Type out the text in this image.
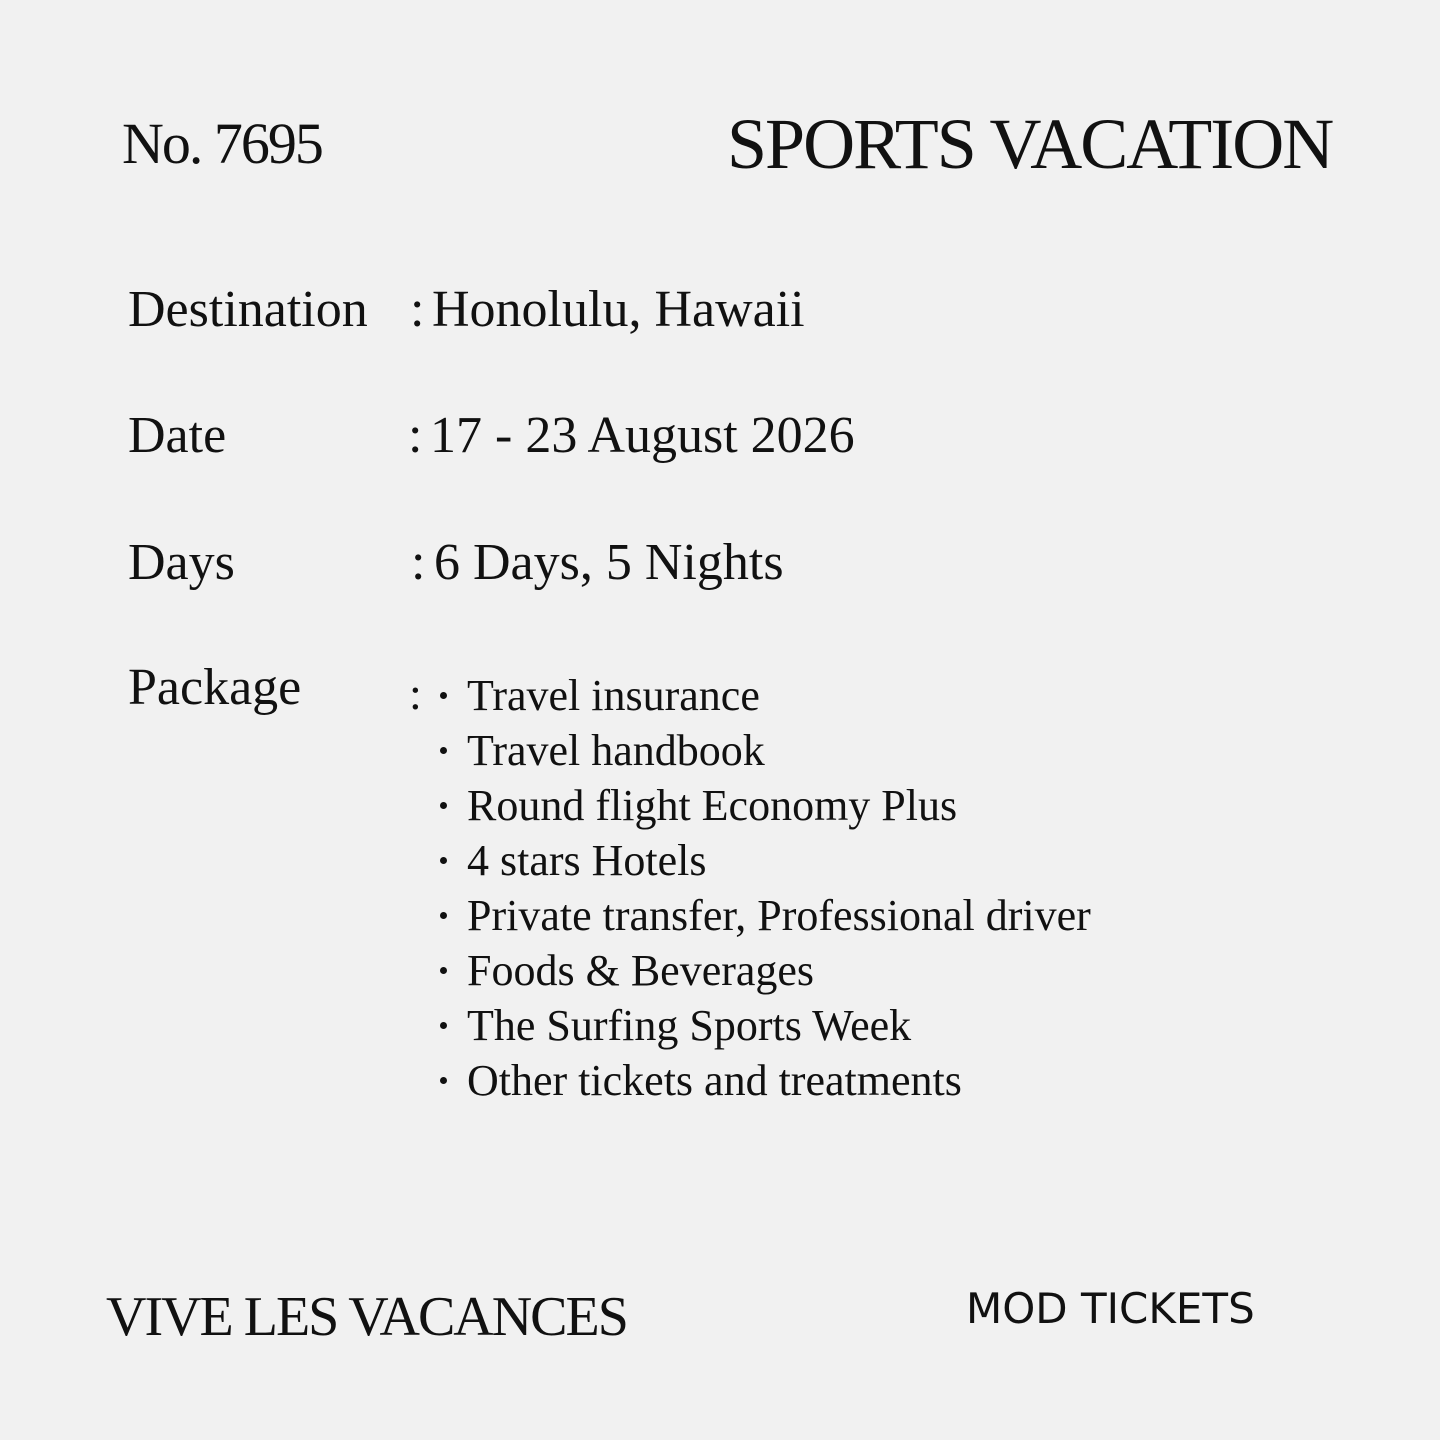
No. 7695	SPORTS VACATION
Destination : Honolulu, Hawaii
Date	: 17 - 23 August 2026
Days	: 6 Days, 5 Nights
Package : Travel insurance
Travel handbook
Round flight Economy Plus
4 stars Hotels
Private transfer, Professional driver
Foods & Beverages
The Surfing Sports Week
Other tickets and treatments
VIVE LES VACANCES	MOD TICKETS
